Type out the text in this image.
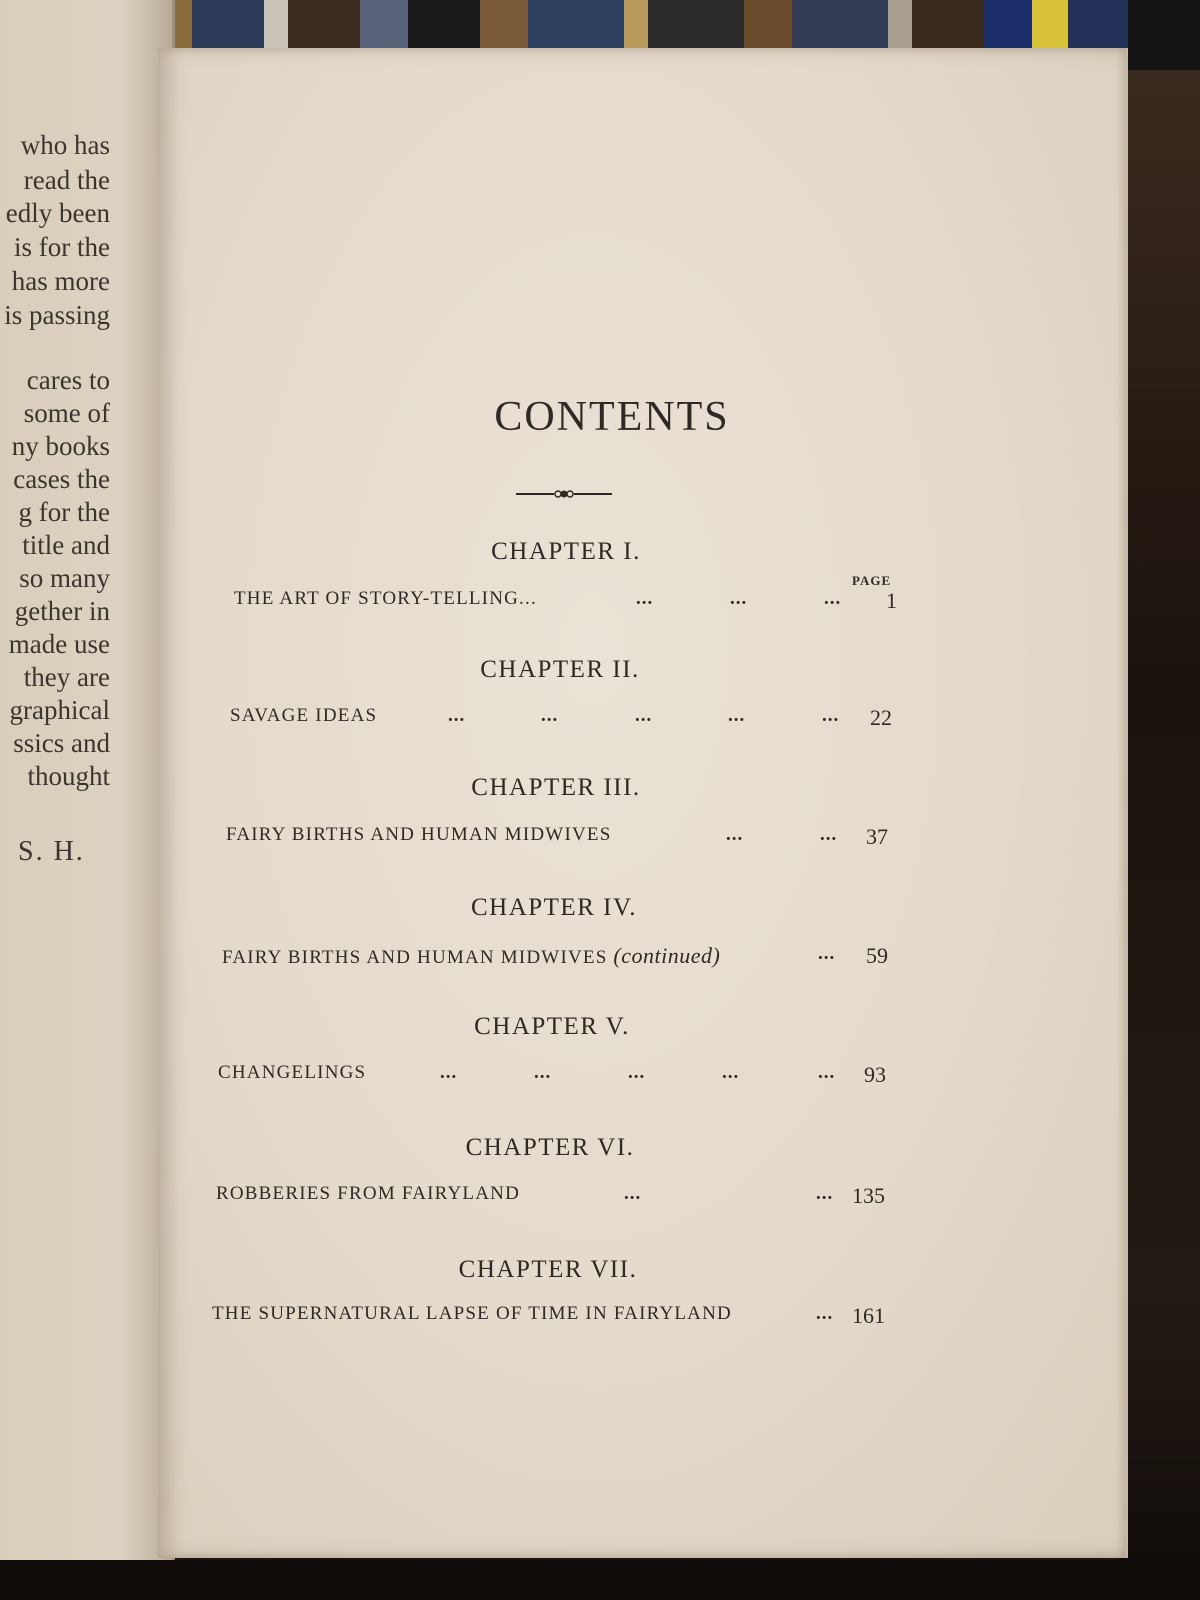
who has
read the
edly been
is for the
has more
is passing
cares to
some of
ny books
cases the
g for the
title and
so many
gether in
made use
they are
graphical
ssics and
thought
S. H.
CONTENTS
PAGE
CHAPTER I.
THE ART OF STORY-TELLING...	...	...	... 1
CHAPTER II.
SAVAGE IDEAS	...	...	...	...	... 22
CHAPTER III.
FAIRY BIRTHS AND HUMAN MIDWIVES	...	... 37
CHAPTER IV.
FAIRY BIRTHS AND HUMAN MIDWIVES (continued)	... 59
CHAPTER V.
CHANGELINGS	...	...	...	...	... 93
CHAPTER VI.
ROBBERIES FROM FAIRYLAND	...	... 135
CHAPTER VII.
THE SUPERNATURAL LAPSE OF TIME IN FAIRYLAND	... 161
